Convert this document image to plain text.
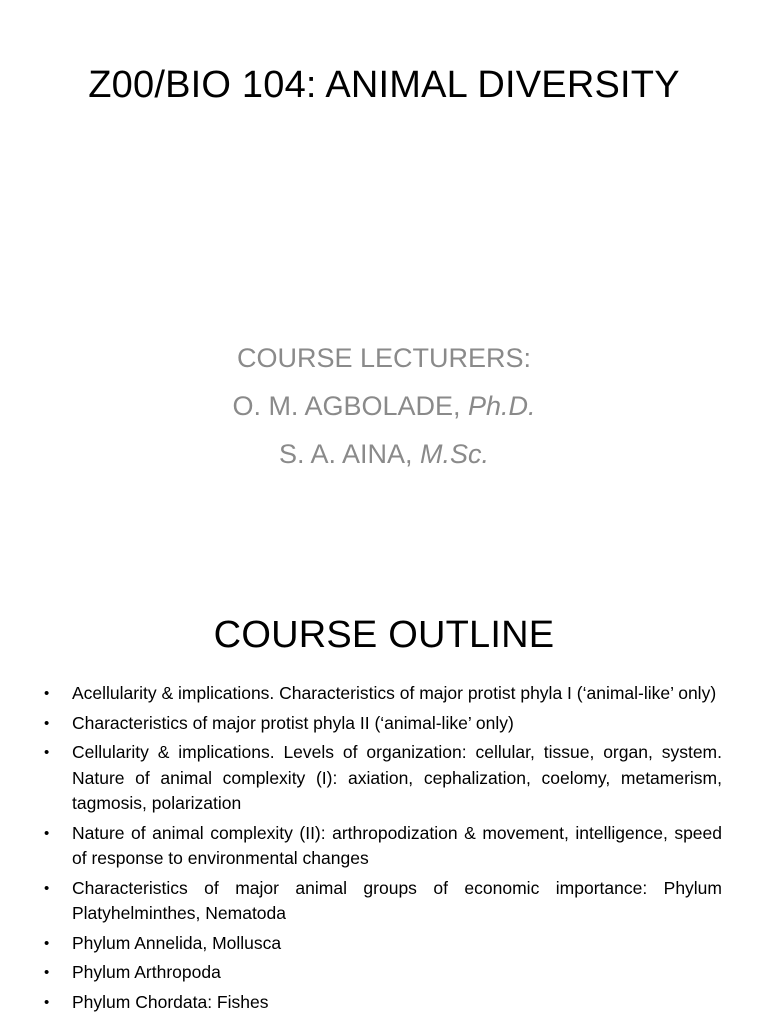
Z00/BIO 104: ANIMAL DIVERSITY
COURSE LECTURERS:
O. M. AGBOLADE, Ph.D.
S. A. AINA, M.Sc.
COURSE OUTLINE
• Acellularity & implications. Characteristics of major protist phyla I (‘animal-like’ only)
• Characteristics of major protist phyla II (‘animal-like’ only)
• Cellularity & implications. Levels of organization: cellular, tissue, organ, system. Nature of animal complexity (I): axiation, cephalization, coelomy, metamerism, tagmosis, polarization
• Nature of animal complexity (II): arthropodization & movement, intelligence, speed of response to environmental changes
• Characteristics of major animal groups of economic importance: Phylum Platyhelminthes, Nematoda
• Phylum Annelida, Mollusca
• Phylum Arthropoda
• Phylum Chordata: Fishes
